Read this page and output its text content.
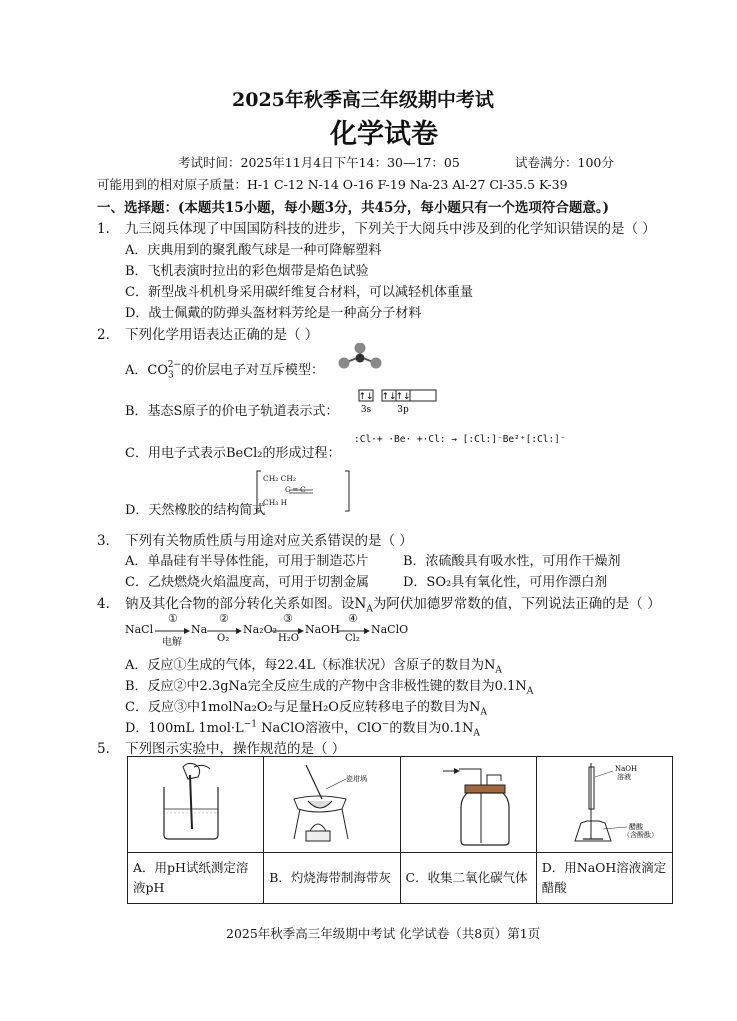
2025年秋季高三年级期中考试
化学试卷
考试时间：2025年11月4日下午14：30—17：05	试卷满分：100分
可能用到的相对原子质量：H-1 C-12 N-14 O-16 F-19 Na-23 Al-27 Cl-35.5 K-39
一、选择题：(本题共15小题，每小题3分，共45分，每小题只有一个选项符合题意。)
1． 九三阅兵体现了中国国防科技的进步，下列关于大阅兵中涉及到的化学知识错误的是（ ）
A．庆典用到的聚乳酸气球是一种可降解塑料
B．飞机表演时拉出的彩色烟带是焰色试验
C．新型战斗机机身采用碳纤维复合材料，可以减轻机体重量
D．战士佩戴的防弹头盔材料芳纶是一种高分子材料
2． 下列化学用语表达正确的是（ ）
A．$CO_3^{2-}$的价层电子对互斥模型：
B．基态S原子的价电子轨道表示式：
↑↓ ↑↓
↑↓
3s	3p
C．用电子式表示BeCl₂的形成过程：
:Cl·+ ·Be· +·Cl: → [:Cl:]⁻Be²⁺[:Cl:]⁻
D．天然橡胶的结构简式
CH₂ CH₂
C ═ C
CH₃ H
3． 下列有关物质性质与用途对应关系错误的是（ ）
A．单晶硅有半导体性能，可用于制造芯片	B．浓硫酸具有吸水性，可用作干燥剂
C．乙炔燃烧火焰温度高，可用于切割金属	D．SO₂具有氧化性，可用作漂白剂
4． 钠及其化合物的部分转化关系如图。设$N_A$为阿伏加德罗常数的值，下列说法正确的是（ ）
NaCl
①
电解
Na
②
O₂
Na₂O₂
③
H₂O
NaOH
④
Cl₂
NaClO
A．反应①生成的气体，每22.4L（标准状况）含原子的数目为$N_A$
B．反应②中2.3gNa完全反应生成的产物中含非极性键的数目为$0.1N_A$
C．反应③中1molNa₂O₂与足量H₂O反应转移电子的数目为$N_A$
D．100mL $1mol\cdot L^{-1}$ NaClO溶液中，ClO−的数目为$0.1N_A$
5． 下列图示实验中，操作规范的是（ ）

瓷坩埚		NaOH
溶液
醋酸
（含酚酞）

A．用pH试纸测定溶液pH	B．灼烧海带制海带灰	C．收集二氧化碳气体	D．用NaOH溶液滴定醋酸
2025年秋季高三年级期中考试 化学试卷（共8页）第1页
